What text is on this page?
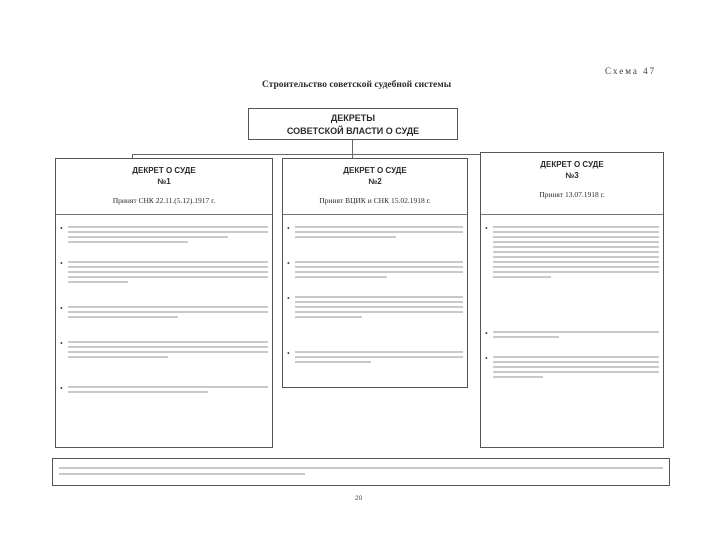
Схема 47
Строительство советской судебной системы
ДЕКРЕТЫ
СОВЕТСКОЙ ВЛАСТИ О СУДЕ
ДЕКРЕТ О СУДЕ
№1
Принят СНК 22.11.(5.12).1917 г.
•
•
•
•
•
ДЕКРЕТ О СУДЕ
№2
Принят ВЦИК и СНК 15.02.1918 г.
•
•
•
•
ДЕКРЕТ О СУДЕ
№3
Принят 13.07.1918 г.
•
•
•
20
